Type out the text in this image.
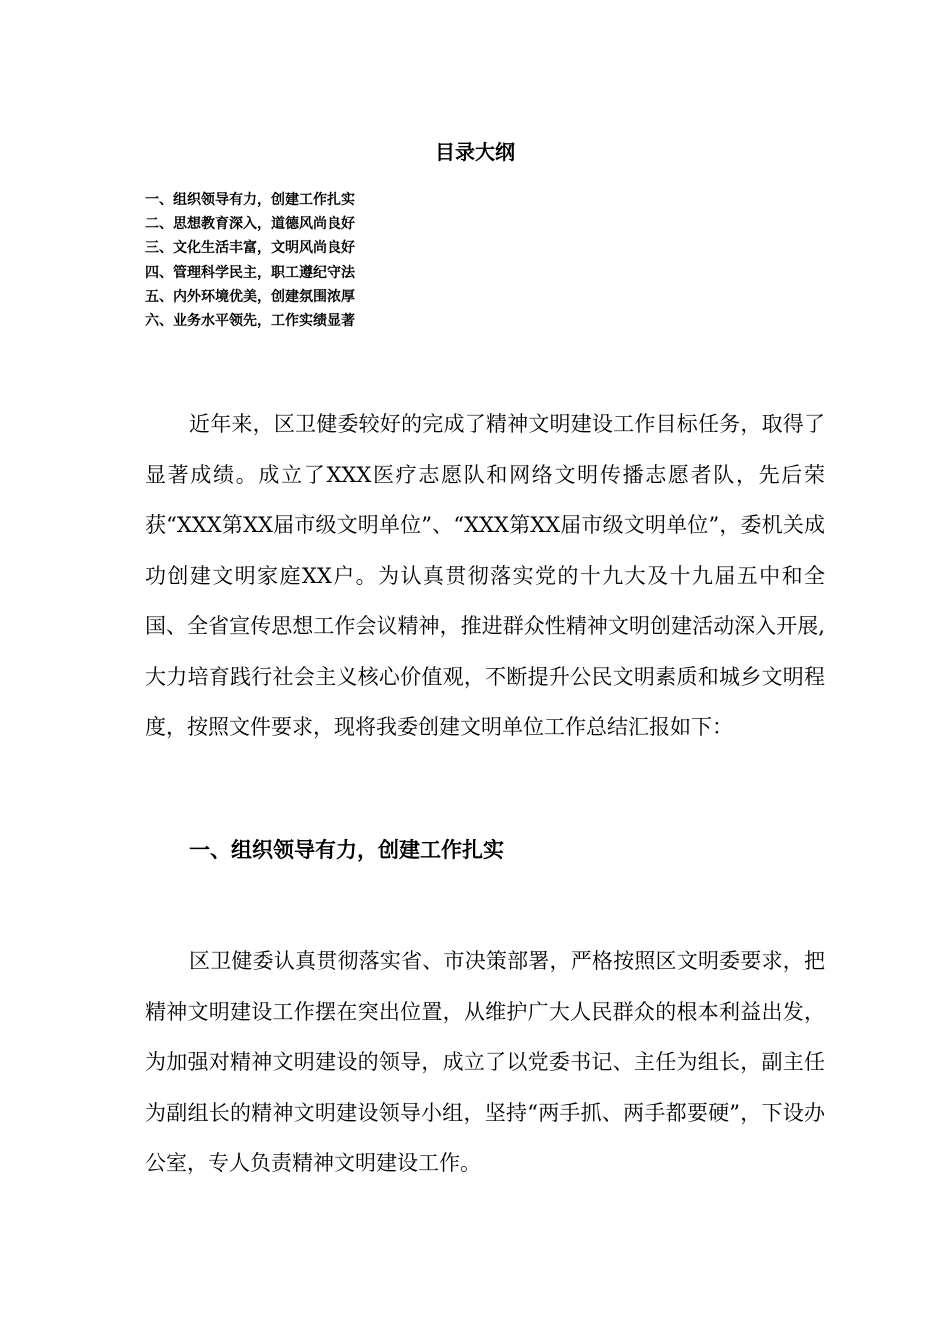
目录大纲
一、组织领导有力，创建工作扎实
二、思想教育深入，道德风尚良好
三、文化生活丰富，文明风尚良好
四、管理科学民主，职工遵纪守法
五、内外环境优美，创建氛围浓厚
六、业务水平领先，工作实绩显著

近年来，区卫健委较好的完成了精神文明建设工作目标任务，取得了显著成绩。成立了XXX医疗志愿队和网络文明传播志愿者队，先后荣获“XXX第XX届市级文明单位”、“XXX第XX届市级文明单位”，委机关成功创建文明家庭XX户。为认真贯彻落实党的十九大及十九届五中和全国、全省宣传思想工作会议精神，推进群众性精神文明创建活动深入开展,大力培育践行社会主义核心价值观，不断提升公民文明素质和城乡文明程度，按照文件要求，现将我委创建文明单位工作总结汇报如下：

一、组织领导有力，创建工作扎实

区卫健委认真贯彻落实省、市决策部署，严格按照区文明委要求，把精神文明建设工作摆在突出位置，从维护广大人民群众的根本利益出发，为加强对精神文明建设的领导，成立了以党委书记、主任为组长，副主任为副组长的精神文明建设领导小组，坚持“两手抓、两手都要硬”，下设办公室，专人负责精神文明建设工作。
